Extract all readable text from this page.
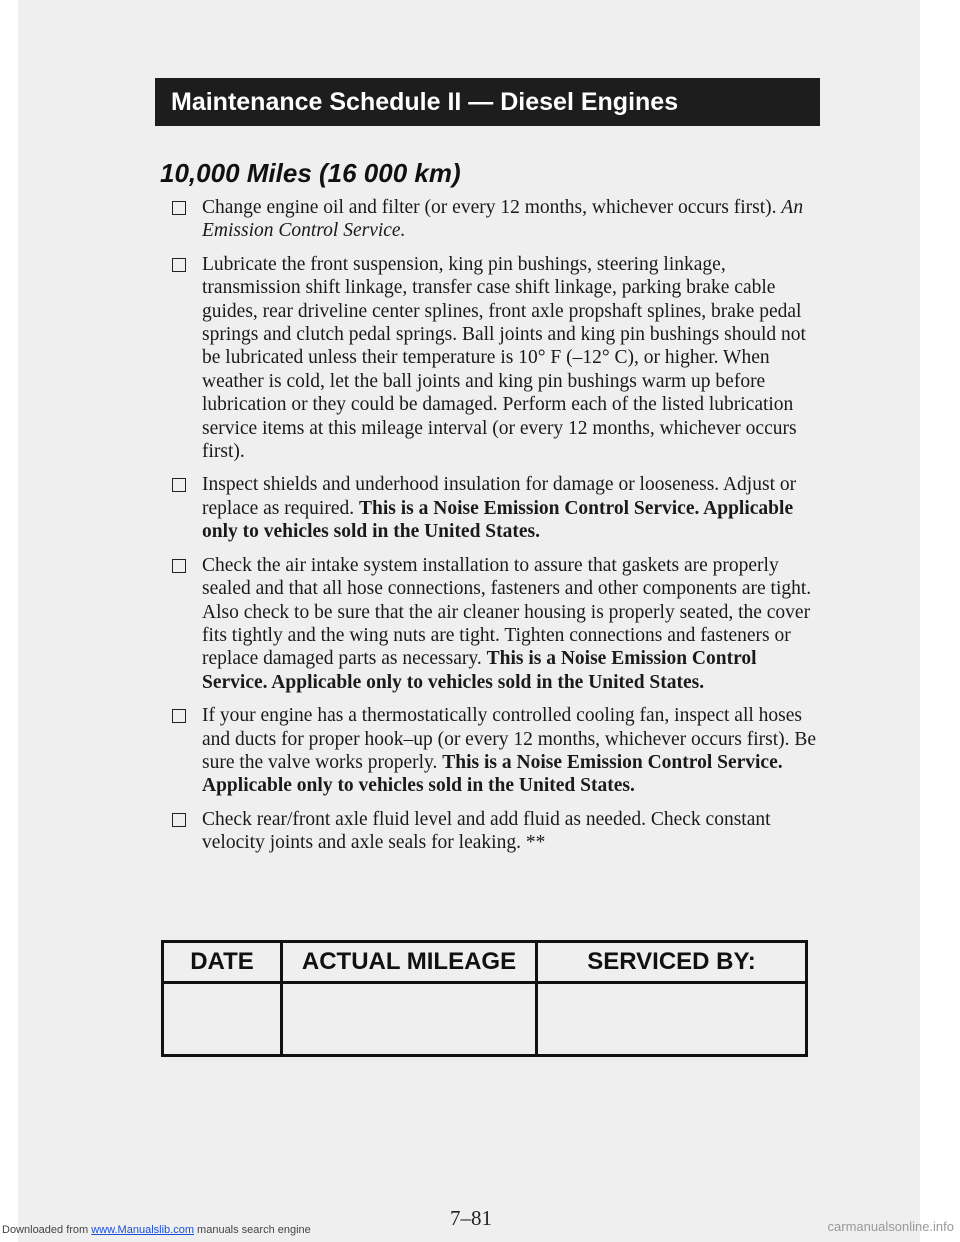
Maintenance Schedule II — Diesel Engines
10,000 Miles (16 000 km)
Change engine oil and filter (or every 12 months, whichever occurs first). An Emission Control Service.
Lubricate the front suspension, king pin bushings, steering linkage, transmission shift linkage, transfer case shift linkage, parking brake cable guides, rear driveline center splines, front axle propshaft splines, brake pedal springs and clutch pedal springs. Ball joints and king pin bushings should not be lubricated unless their temperature is 10° F (–12° C), or higher. When weather is cold, let the ball joints and king pin bushings warm up before lubrication or they could be damaged. Perform each of the listed lubrication service items at this mileage interval (or every 12 months, whichever occurs first).
Inspect shields and underhood insulation for damage or looseness. Adjust or replace as required. This is a Noise Emission Control Service. Applicable only to vehicles sold in the United States.
Check the air intake system installation to assure that gaskets are properly sealed and that all hose connections, fasteners and other components are tight. Also check to be sure that the air cleaner housing is properly seated, the cover fits tightly and the wing nuts are tight. Tighten connections and fasteners or replace damaged parts as necessary. This is a Noise Emission Control Service. Applicable only to vehicles sold in the United States.
If your engine has a thermostatically controlled cooling fan, inspect all hoses and ducts for proper hook–up (or every 12 months, whichever occurs first). Be sure the valve works properly. This is a Noise Emission Control Service. Applicable only to vehicles sold in the United States.
Check rear/front axle fluid level and add fluid as needed. Check constant velocity joints and axle seals for leaking. **
DATE	ACTUAL MILEAGE	SERVICED BY:

7–81
Downloaded from www.Manualslib.com manuals search engine	carmanualsonline.info
